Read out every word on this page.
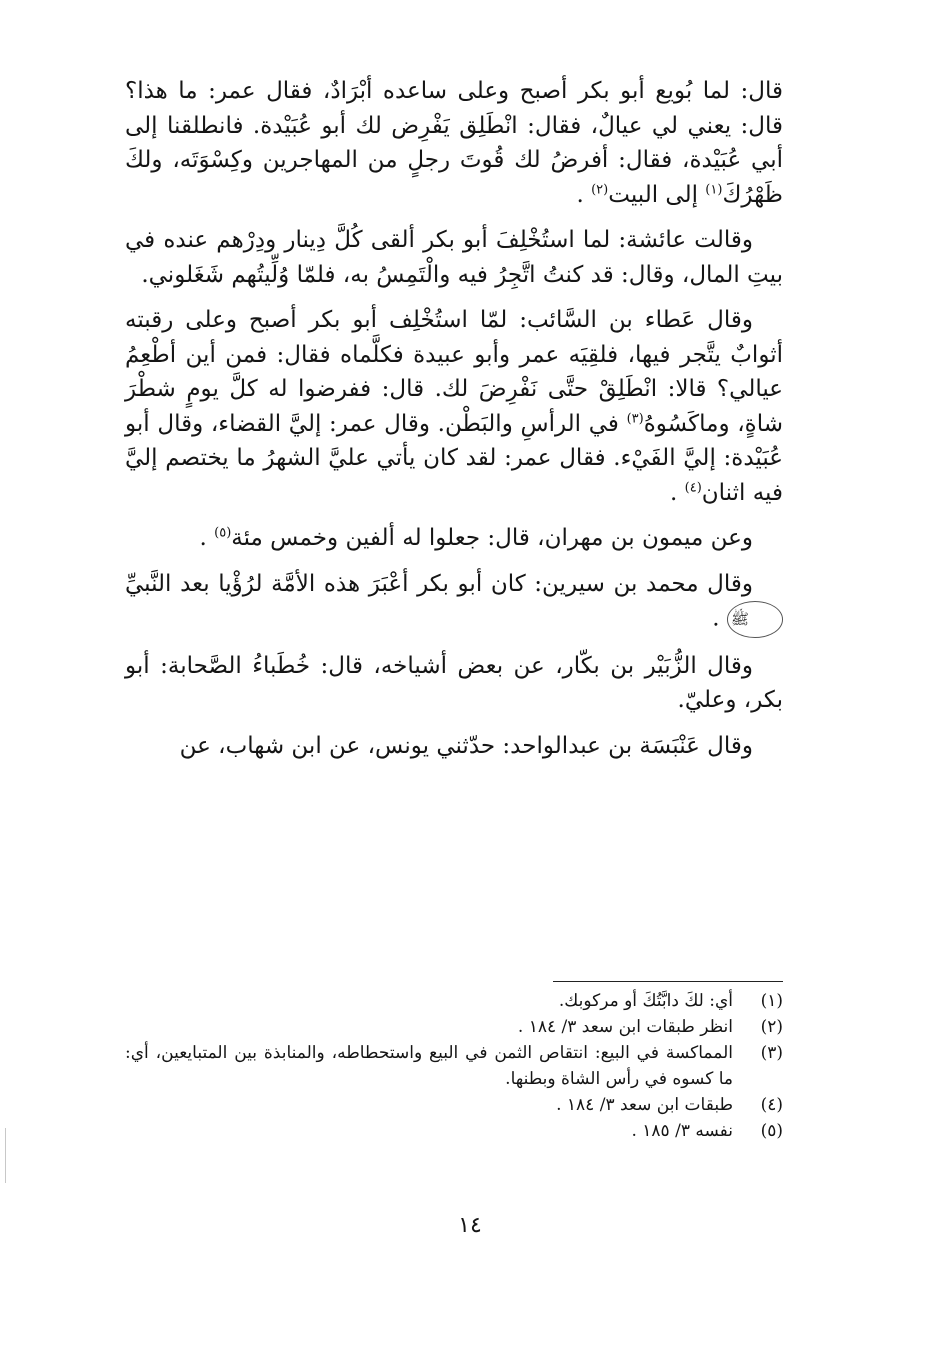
قال: لما بُويع أبو بكر أصبح وعلى ساعده أبْرَادٌ، فقال عمر: ما هذا؟ قال: يعني لي عيالٌ، فقال: انْطَلِق يَفْرِض لك أبو عُبَيْدة. فانطلقنا إلى أبي عُبَيْدة، فقال: أفرضُ لك قُوتَ رجلٍ من المهاجرين وكِسْوَتَه، ولكَ ظَهْرُكَ$^{(١)}$ إلى البيت$^{(٢)}$ .

وقالت عائشة: لما استُخْلِفَ أبو بكر ألقى كُلَّ دِينار ودِرْهم عنده في بيتِ المال، وقال: قد كنتُ اتَّجِرُ فيه والْتَمِسُ به، فلمّا وُلِّيتُهم شَغَلوني.

وقال عَطاء بن السَّائب: لمّا استُخْلِف أبو بكر أصبح وعلى رقبته أثوابٌ يتَّجر فيها، فلقِيَه عمر وأبو عبيدة فكلَّماه فقال: فمن أين أطْعِمُ عيالي؟ قالا: انْطَلِقْ حتَّى نَفْرِضَ لك. قال: ففرضوا له كلَّ يومٍ شطْرَ شاةٍ، وماكَسُوهُ$^{(٣)}$ في الرأسِ والبَطْن. وقال عمر: إليَّ القضاء، وقال أبو عُبَيْدة: إليَّ الفَيْء. فقال عمر: لقد كان يأتي عليَّ الشهرُ ما يختصم إليَّ فيه اثنان$^{(٤)}$ .

وعن ميمون بن مهران، قال: جعلوا له ألفين وخمس مئة$^{(٥)}$ .

وقال محمد بن سيرين: كان أبو بكر أعْبَرَ هذه الأمَّة لرُؤْيا بعد النَّبيِّ ﷺ .

وقال الزُّبَيْر بن بكّار، عن بعض أشياخه، قال: خُطَباءُ الصَّحابة: أبو بكر، وعليّ.

وقال عَنْبَسَة بن عبدالواحد: حدّثني يونس، عن ابن شهاب، عن

(١)
أي: لكَ دابَّتُكَ أو مركوبك.
(٢)
انظر طبقات ابن سعد ٣/ ١٨٤ .
(٣)
المماكسة في البيع: انتقاص الثمن في البيع واستحطاطه، والمنابذة بين المتبايعين، أي: ما كسوه في رأس الشاة وبطنها.
(٤)
طبقات ابن سعد ٣/ ١٨٤ .
(٥)
نفسه ٣/ ١٨٥ .
١٤
